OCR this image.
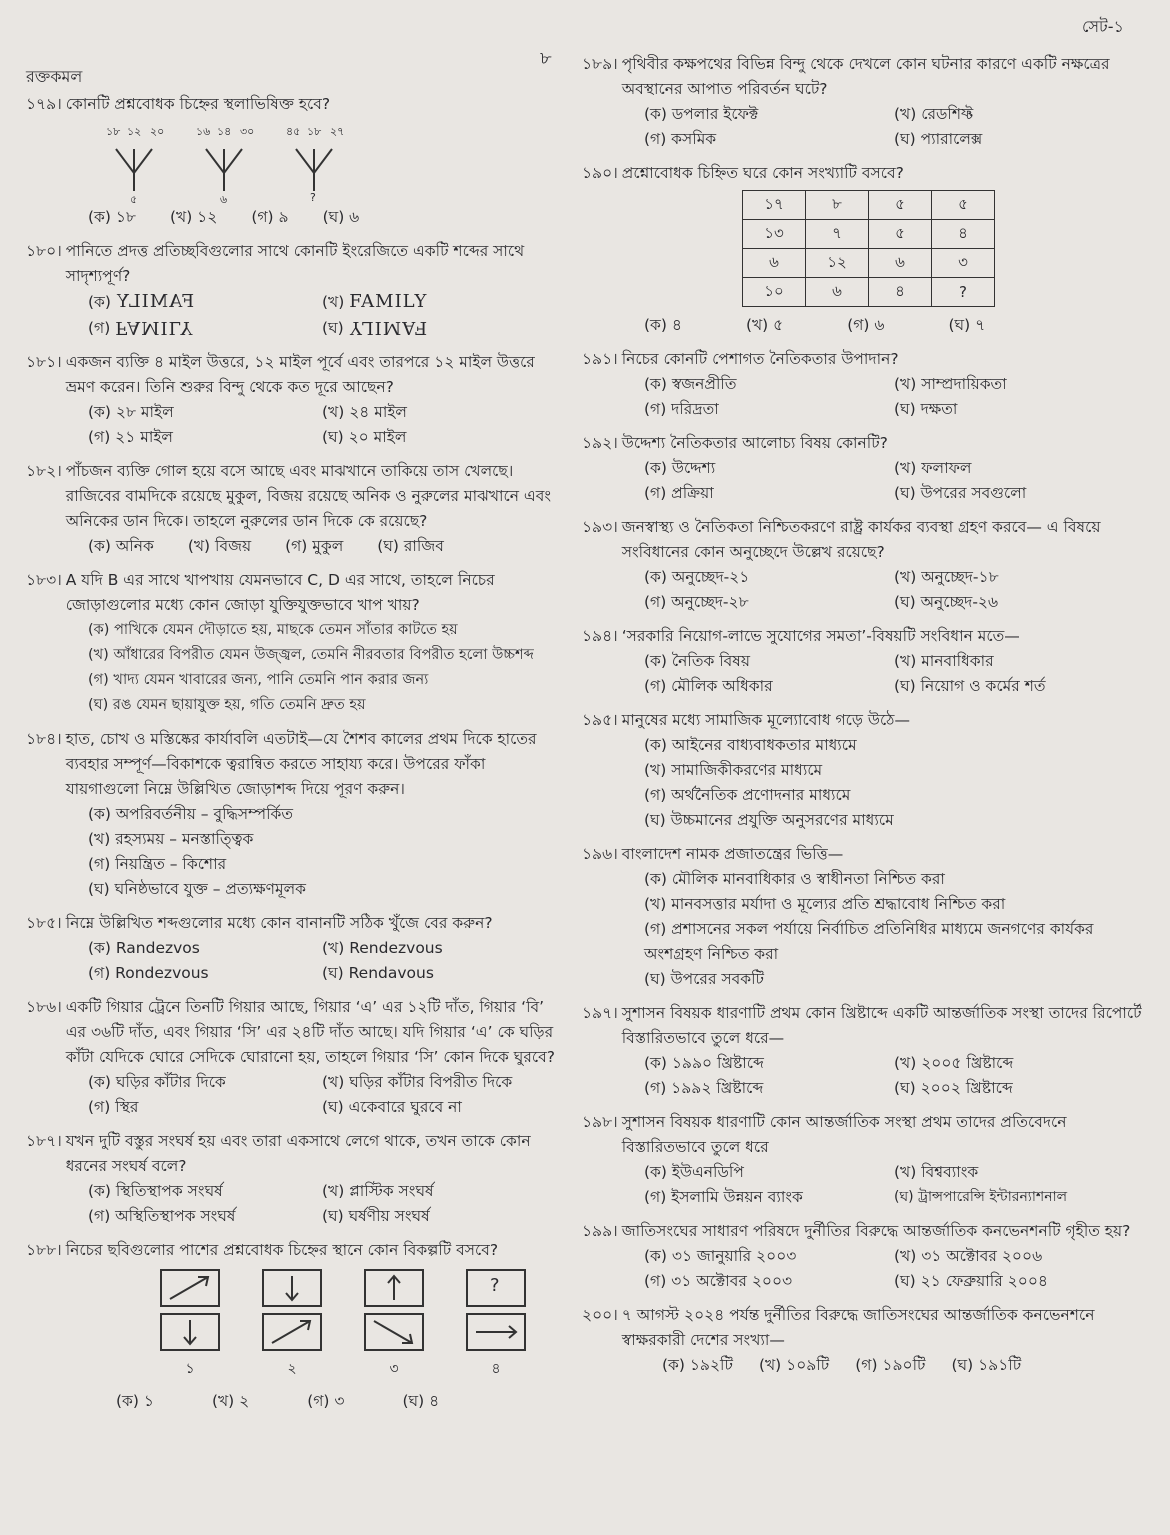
রক্তকমল
৮
সেট-১
১৭৯। কোনটি প্রশ্নবোধক চিহ্নের স্থলাভিষিক্ত হবে?
১৮ ১২ ২০
৫
১৬ ১৪ ৩০
৬
৪৫ ১৮ ২৭
?
(ক) ১৮ (খ) ১২ (গ) ৯ (ঘ) ৬
১৮০। পানিতে প্রদত্ত প্রতিচ্ছবিগুলোর সাথে কোনটি ইংরেজিতে একটি শব্দের সাথে সাদৃশ্যপূর্ণ?
(ক) FAMILY	(খ) FAMILY
(গ) FAMILY	(ঘ) FAMILY
১৮১। একজন ব্যক্তি ৪ মাইল উত্তরে, ১২ মাইল পূর্বে এবং তারপরে ১২ মাইল উত্তরে ভ্রমণ করেন। তিনি শুরুর বিন্দু থেকে কত দূরে আছেন?
(ক) ২৮ মাইল	(খ) ২৪ মাইল
(গ) ২১ মাইল	(ঘ) ২০ মাইল
১৮২। পাঁচজন ব্যক্তি গোল হয়ে বসে আছে এবং মাঝখানে তাকিয়ে তাস খেলছে। রাজিবের বামদিকে রয়েছে মুকুল, বিজয় রয়েছে অনিক ও নুরুলের মাঝখানে এবং অনিকের ডান দিকে। তাহলে নুরুলের ডান দিকে কে রয়েছে?
(ক) অনিক (খ) বিজয় (গ) মুকুল (ঘ) রাজিব
১৮৩। A যদি B এর সাথে খাপখায় যেমনভাবে C, D এর সাথে, তাহলে নিচের জোড়াগুলোর মধ্যে কোন জোড়া যুক্তিযুক্তভাবে খাপ খায়?
(ক) পাখিকে যেমন দৌড়াতে হয়, মাছকে তেমন সাঁতার কাটতে হয়
(খ) আঁধারের বিপরীত যেমন উজ্জ্বল, তেমনি নীরবতার বিপরীত হলো উচ্চশব্দ
(গ) খাদ্য যেমন খাবারের জন্য, পানি তেমনি পান করার জন্য
(ঘ) রঙ যেমন ছায়াযুক্ত হয়, গতি তেমনি দ্রুত হয়
১৮৪। হাত, চোখ ও মস্তিষ্কের কার্যাবলি এতটাই—যে শৈশব কালের প্রথম দিকে হাতের ব্যবহার সম্পূর্ণ—বিকাশকে ত্বরান্বিত করতে সাহায্য করে। উপরের ফাঁকা যায়গাগুলো নিম্নে উল্লিখিত জোড়াশব্দ দিয়ে পূরণ করুন।
(ক) অপরিবর্তনীয় – বুদ্ধিসম্পর্কিত
(খ) রহস্যময় – মনস্তাত্ত্বিক
(গ) নিয়ন্ত্রিত – কিশোর
(ঘ) ঘনিষ্ঠভাবে যুক্ত – প্রত্যক্ষণমূলক
১৮৫। নিম্নে উল্লিখিত শব্দগুলোর মধ্যে কোন বানানটি সঠিক খুঁজে বের করুন?
(ক) Randezvos	(খ) Rendezvous
(গ) Rondezvous	(ঘ) Rendavous
১৮৬। একটি গিয়ার ট্রেনে তিনটি গিয়ার আছে, গিয়ার ‘এ’ এর ১২টি দাঁত, গিয়ার ‘বি’ এর ৩৬টি দাঁত, এবং গিয়ার ‘সি’ এর ২৪টি দাঁত আছে। যদি গিয়ার ‘এ’ কে ঘড়ির কাঁটা যেদিকে ঘোরে সেদিকে ঘোরানো হয়, তাহলে গিয়ার ‘সি’ কোন দিকে ঘুরবে?
(ক) ঘড়ির কাঁটার দিকে	(খ) ঘড়ির কাঁটার বিপরীত দিকে
(গ) স্থির	(ঘ) একেবারে ঘুরবে না
১৮৭। যখন দুটি বস্তুর সংঘর্ষ হয় এবং তারা একসাথে লেগে থাকে, তখন তাকে কোন ধরনের সংঘর্ষ বলে?
(ক) স্থিতিস্থাপক সংঘর্ষ	(খ) প্লাস্টিক সংঘর্ষ
(গ) অস্থিতিস্থাপক সংঘর্ষ	(ঘ) ঘর্ষণীয় সংঘর্ষ
১৮৮। নিচের ছবিগুলোর পাশের প্রশ্নবোধক চিহ্নের স্থানে কোন বিকল্পটি বসবে?
?
১	২	৩	৪
(ক) ১	(খ) ২	(গ) ৩	(ঘ) ৪
১৮৯। পৃথিবীর কক্ষপথের বিভিন্ন বিন্দু থেকে দেখলে কোন ঘটনার কারণে একটি নক্ষত্রের অবস্থানের আপাত পরিবর্তন ঘটে?
(ক) ডপলার ইফেক্ট	(খ) রেডশিফ্ট
(গ) কসমিক	(ঘ) প্যারালেক্স
১৯০। প্রশ্নোবোধক চিহ্নিত ঘরে কোন সংখ্যাটি বসবে?
১৭	৮	৫	৫
১৩	৭	৫	৪
৬	১২	৬	৩
১০	৬	৪	?
(ক) ৪	(খ) ৫	(গ) ৬	(ঘ) ৭
১৯১। নিচের কোনটি পেশাগত নৈতিকতার উপাদান?
(ক) স্বজনপ্রীতি	(খ) সাম্প্রদায়িকতা
(গ) দরিদ্রতা	(ঘ) দক্ষতা
১৯২। উদ্দেশ্য নৈতিকতার আলোচ্য বিষয় কোনটি?
(ক) উদ্দেশ্য	(খ) ফলাফল
(গ) প্রক্রিয়া	(ঘ) উপরের সবগুলো
১৯৩। জনস্বাস্থ্য ও নৈতিকতা নিশ্চিতকরণে রাষ্ট্র কার্যকর ব্যবস্থা গ্রহণ করবে— এ বিষয়ে সংবিধানের কোন অনুচ্ছেদে উল্লেখ রয়েছে?
(ক) অনুচ্ছেদ-২১	(খ) অনুচ্ছেদ-১৮
(গ) অনুচ্ছেদ-২৮	(ঘ) অনুচ্ছেদ-২৬
১৯৪। ‘সরকারি নিয়োগ-লাভে সুযোগের সমতা’-বিষয়টি সংবিধান মতে—
(ক) নৈতিক বিষয়	(খ) মানবাধিকার
(গ) মৌলিক অধিকার	(ঘ) নিয়োগ ও কর্মের শর্ত
১৯৫। মানুষের মধ্যে সামাজিক মূল্যোবোধ গড়ে উঠে—
(ক) আইনের বাধ্যবাধকতার মাধ্যমে
(খ) সামাজিকীকরণের মাধ্যমে
(গ) অর্থনৈতিক প্রণোদনার মাধ্যমে
(ঘ) উচ্চমানের প্রযুক্তি অনুসরণের মাধ্যমে
১৯৬। বাংলাদেশ নামক প্রজাতন্ত্রের ভিত্তি—
(ক) মৌলিক মানবাধিকার ও স্বাধীনতা নিশ্চিত করা
(খ) মানবসত্তার মর্যাদা ও মূল্যের প্রতি শ্রদ্ধাবোধ নিশ্চিত করা
(গ) প্রশাসনের সকল পর্যায়ে নির্বাচিত প্রতিনিধির মাধ্যমে জনগণের কার্যকর অংশগ্রহণ নিশ্চিত করা
(ঘ) উপরের সবকটি
১৯৭। সুশাসন বিষয়ক ধারণাটি প্রথম কোন খ্রিষ্টাব্দে একটি আন্তর্জাতিক সংস্থা তাদের রিপোর্টে বিস্তারিতভাবে তুলে ধরে—
(ক) ১৯৯০ খ্রিষ্টাব্দে	(খ) ২০০৫ খ্রিষ্টাব্দে
(গ) ১৯৯২ খ্রিষ্টাব্দে	(ঘ) ২০০২ খ্রিষ্টাব্দে
১৯৮। সুশাসন বিষয়ক ধারণাটি কোন আন্তর্জাতিক সংস্থা প্রথম তাদের প্রতিবেদনে বিস্তারিতভাবে তুলে ধরে
(ক) ইউএনডিপি	(খ) বিশ্বব্যাংক
(গ) ইসলামি উন্নয়ন ব্যাংক	(ঘ) ট্রান্সপারেন্সি ইন্টারন্যাশনাল
১৯৯। জাতিসংঘের সাধারণ পরিষদে দুর্নীতির বিরুদ্ধে আন্তর্জাতিক কনভেনশনটি গৃহীত হয়?
(ক) ৩১ জানুয়ারি ২০০৩	(খ) ৩১ অক্টোবর ২০০৬
(গ) ৩১ অক্টোবর ২০০৩	(ঘ) ২১ ফেব্রুয়ারি ২০০৪
২০০। ৭ আগস্ট ২০২৪ পর্যন্ত দুর্নীতির বিরুদ্ধে জাতিসংঘের আন্তর্জাতিক কনভেনশনে স্বাক্ষরকারী দেশের সংখ্যা—
(ক) ১৯২টি (খ) ১০৯টি (গ) ১৯০টি (ঘ) ১৯১টি
